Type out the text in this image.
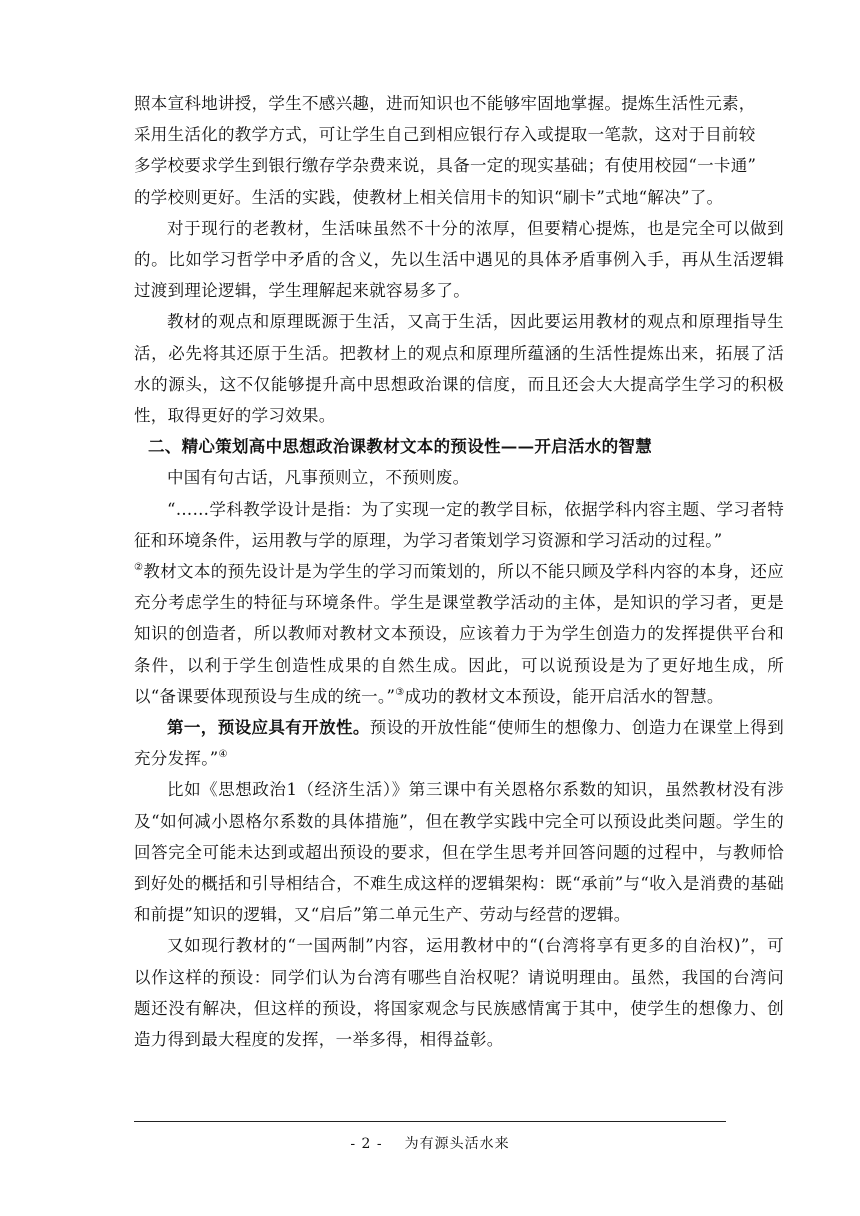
照本宣科地讲授，学生不感兴趣，进而知识也不能够牢固地掌握。提炼生活性元素，
采用生活化的教学方式，可让学生自己到相应银行存入或提取一笔款，这对于目前较
多学校要求学生到银行缴存学杂费来说，具备一定的现实基础；有使用校园“一卡通”
的学校则更好。生活的实践，使教材上相关信用卡的知识“刷卡”式地“解决”了。

对于现行的老教材，生活味虽然不十分的浓厚，但要精心提炼，也是完全可以做到的。比如学习哲学中矛盾的含义，先以生活中遇见的具体矛盾事例入手，再从生活逻辑过渡到理论逻辑，学生理解起来就容易多了。

教材的观点和原理既源于生活，又高于生活，因此要运用教材的观点和原理指导生活，必先将其还原于生活。把教材上的观点和原理所蕴涵的生活性提炼出来，拓展了活水的源头，这不仅能够提升高中思想政治课的信度，而且还会大大提高学生学习的积极性，取得更好的学习效果。

二、精心策划高中思想政治课教材文本的预设性——开启活水的智慧

中国有句古话，凡事预则立，不预则废。

“……学科教学设计是指：为了实现一定的教学目标，依据学科内容主题、学习者特征和环境条件，运用教与学的原理，为学习者策划学习资源和学习活动的过程。”
②教材文本的预先设计是为学生的学习而策划的，所以不能只顾及学科内容的本身，还应充分考虑学生的特征与环境条件。学生是课堂教学活动的主体，是知识的学习者，更是知识的创造者，所以教师对教材文本预设，应该着力于为学生创造力的发挥提供平台和条件，以利于学生创造性成果的自然生成。因此，可以说预设是为了更好地生成，所以“备课要体现预设与生成的统一。”③成功的教材文本预设，能开启活水的智慧。

第一，预设应具有开放性。预设的开放性能“使师生的想像力、创造力在课堂上得到充分发挥。”④

比如《思想政治1（经济生活）》第三课中有关恩格尔系数的知识，虽然教材没有涉及“如何减小恩格尔系数的具体措施”，但在教学实践中完全可以预设此类问题。学生的回答完全可能未达到或超出预设的要求，但在学生思考并回答问题的过程中，与教师恰到好处的概括和引导相结合，不难生成这样的逻辑架构：既“承前”与“收入是消费的基础和前提”知识的逻辑，又“启后”第二单元生产、劳动与经营的逻辑。

又如现行教材的“一国两制”内容，运用教材中的“(台湾将享有更多的自治权)”，可以作这样的预设：同学们认为台湾有哪些自治权呢？请说明理由。虽然，我国的台湾问题还没有解决，但这样的预设，将国家观念与民族感情寓于其中，使学生的想像力、创造力得到最大程度的发挥，一举多得，相得益彰。

- 2 - 为有源头活水来
